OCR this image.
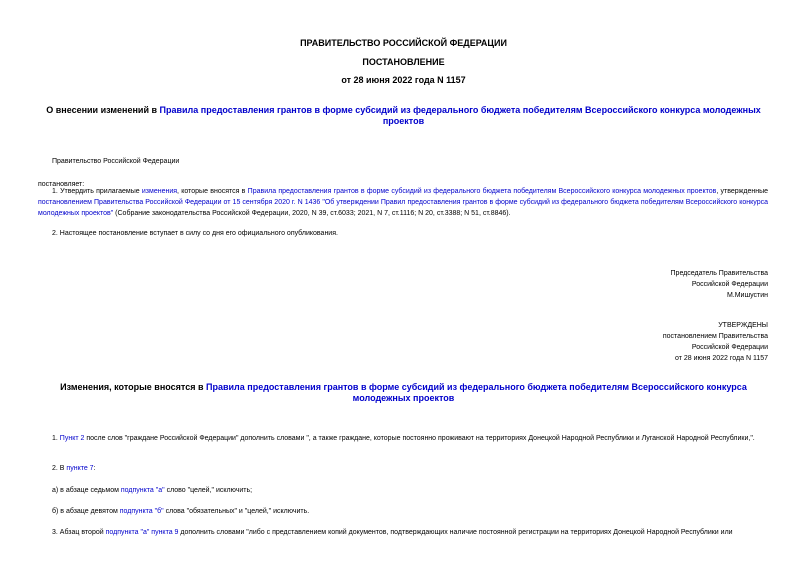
ПРАВИТЕЛЬСТВО РОССИЙСКОЙ ФЕДЕРАЦИИ
ПОСТАНОВЛЕНИЕ
от 28 июня 2022 года N 1157
О внесении изменений в Правила предоставления грантов в форме субсидий из федерального бюджета победителям Всероссийского конкурса молодежных проектов
Правительство Российской Федерации
постановляет:
1. Утвердить прилагаемые изменения, которые вносятся в Правила предоставления грантов в форме субсидий из федерального бюджета победителям Всероссийского конкурса молодежных проектов, утвержденные постановлением Правительства Российской Федерации от 15 сентября 2020 г. N 1436 "Об утверждении Правил предоставления грантов в форме субсидий из федерального бюджета победителям Всероссийского конкурса молодежных проектов" (Собрание законодательства Российской Федерации, 2020, N 39, ст.6033; 2021, N 7, ст.1116; N 20, ст.3388; N 51, ст.8846).
2. Настоящее постановление вступает в силу со дня его официального опубликования.
Председатель Правительства
Российской Федерации
М.Мишустин
УТВЕРЖДЕНЫ
постановлением Правительства
Российской Федерации
от 28 июня 2022 года N 1157
Изменения, которые вносятся в Правила предоставления грантов в форме субсидий из федерального бюджета победителям Всероссийского конкурса молодежных проектов
1. Пункт 2 после слов "граждане Российской Федерации" дополнить словами ", а также граждане, которые постоянно проживают на территориях Донецкой Народной Республики и Луганской Народной Республики,".
2. В пункте 7:
а) в абзаце седьмом подпункта "а" слово "целей," исключить;
б) в абзаце девятом подпункта "б" слова "обязательных" и "целей," исключить.
3. Абзац второй подпункта "а" пункта 9 дополнить словами "либо с представлением копий документов, подтверждающих наличие постоянной регистрации на территориях Донецкой Народной Республики или
